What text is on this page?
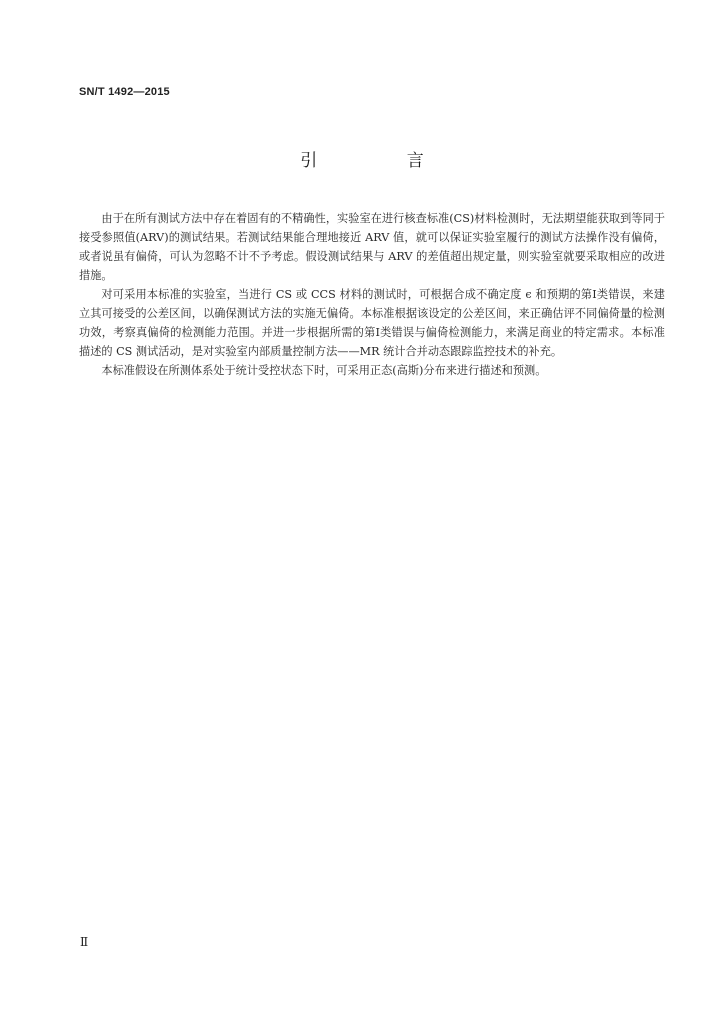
SN/T 1492—2015
引 言

由于在所有测试方法中存在着固有的不精确性，实验室在进行核查标准(CS)材料检测时，无法期望能获取到等同于接受参照值(ARV)的测试结果。若测试结果能合理地接近 ARV 值，就可以保证实验室履行的测试方法操作没有偏倚，或者说虽有偏倚，可认为忽略不计不予考虑。假设测试结果与 ARV 的差值超出规定量，则实验室就要采取相应的改进措施。

对可采用本标准的实验室，当进行 CS 或 CCS 材料的测试时，可根据合成不确定度 ϵ 和预期的第Ⅰ类错误，来建立其可接受的公差区间，以确保测试方法的实施无偏倚。本标准根据该设定的公差区间，来正确估评不同偏倚量的检测功效，考察真偏倚的检测能力范围。并进一步根据所需的第Ⅰ类错误与偏倚检测能力，来满足商业的特定需求。本标准描述的 CS 测试活动，是对实验室内部质量控制方法——MR 统计合并动态跟踪监控技术的补充。

本标准假设在所测体系处于统计受控状态下时，可采用正态(高斯)分布来进行描述和预测。

Ⅱ
